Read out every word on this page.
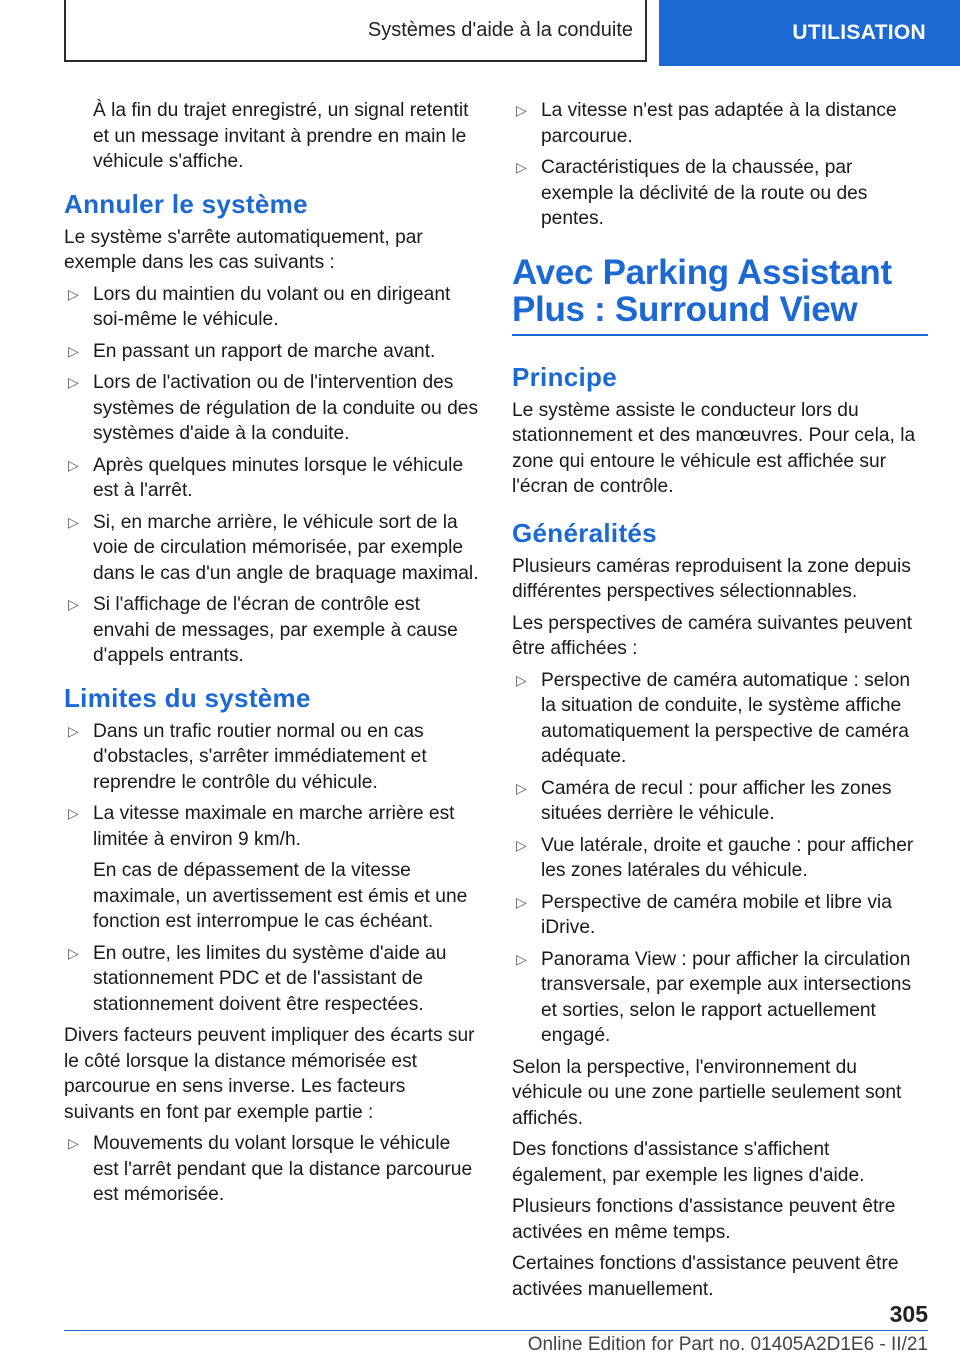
Systèmes d'aide à la conduite	UTILISATION

À la fin du trajet enregistré, un signal retentit et un message invitant à prendre en main le véhicule s'affiche.

Annuler le système

Le système s'arrête automatiquement, par exemple dans les cas suivants :

▷ Lors du maintien du volant ou en dirigeant soi-même le véhicule.
▷ En passant un rapport de marche avant.
▷ Lors de l'activation ou de l'intervention des systèmes de régulation de la conduite ou des systèmes d'aide à la conduite.
▷ Après quelques minutes lorsque le véhicule est à l'arrêt.
▷ Si, en marche arrière, le véhicule sort de la voie de circulation mémorisée, par exemple dans le cas d'un angle de braquage maximal.
▷ Si l'affichage de l'écran de contrôle est envahi de messages, par exemple à cause d'appels entrants.
Limites du système
▷ Dans un trafic routier normal ou en cas d'obstacles, s'arrêter immédiatement et reprendre le contrôle du véhicule.
▷ La vitesse maximale en marche arrière est limitée à environ 9 km/h.

En cas de dépassement de la vitesse maximale, un avertissement est émis et une fonction est interrompue le cas échéant.

▷ En outre, les limites du système d'aide au stationnement PDC et de l'assistant de stationnement doivent être respectées.

Divers facteurs peuvent impliquer des écarts sur le côté lorsque la distance mémorisée est parcourue en sens inverse. Les facteurs suivants en font par exemple partie :

▷ Mouvements du volant lorsque le véhicule est l'arrêt pendant que la distance parcourue est mémorisée.
▷ La vitesse n'est pas adaptée à la distance parcourue.
▷ Caractéristiques de la chaussée, par exemple la déclivité de la route ou des pentes.
Avec Parking Assistant Plus : Surround View
Principe

Le système assiste le conducteur lors du stationnement et des manœuvres. Pour cela, la zone qui entoure le véhicule est affichée sur l'écran de contrôle.

Généralités

Plusieurs caméras reproduisent la zone depuis différentes perspectives sélectionnables.

Les perspectives de caméra suivantes peuvent être affichées :

▷ Perspective de caméra automatique : selon la situation de conduite, le système affiche automatiquement la perspective de caméra adéquate.
▷ Caméra de recul : pour afficher les zones situées derrière le véhicule.
▷ Vue latérale, droite et gauche : pour afficher les zones latérales du véhicule.
▷ Perspective de caméra mobile et libre via iDrive.
▷ Panorama View : pour afficher la circulation transversale, par exemple aux intersections et sorties, selon le rapport actuellement engagé.

Selon la perspective, l'environnement du véhicule ou une zone partielle seulement sont affichés.

Des fonctions d'assistance s'affichent également, par exemple les lignes d'aide.

Plusieurs fonctions d'assistance peuvent être activées en même temps.

Certaines fonctions d'assistance peuvent être activées manuellement.

305
Online Edition for Part no. 01405A2D1E6 - II/21
